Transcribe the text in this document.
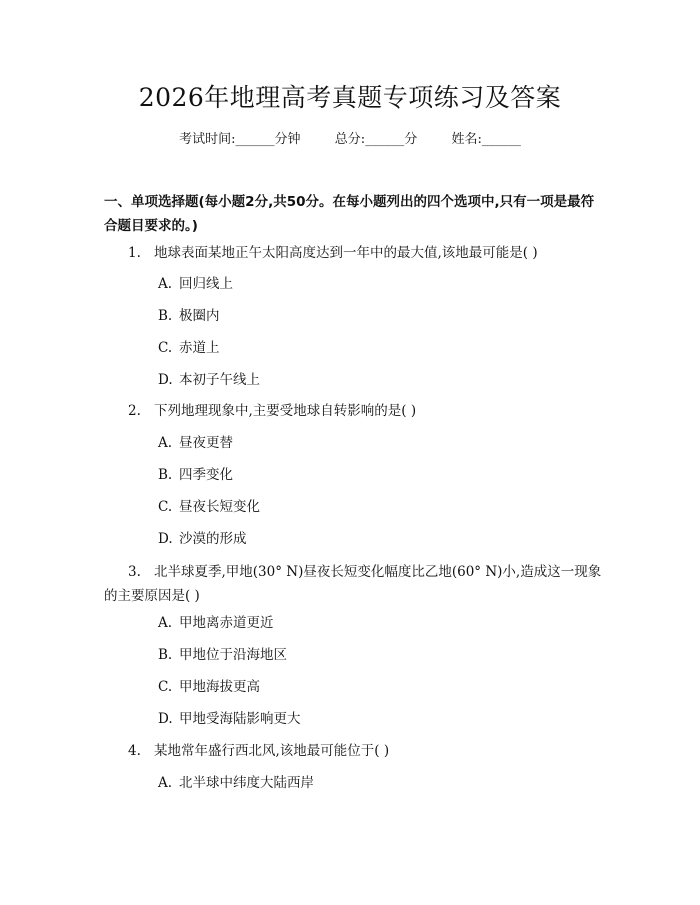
2026年地理高考真题专项练习及答案
考试时间:______分钟	总分:______分	姓名:______
一、单项选择题(每小题2分,共50分。在每小题列出的四个选项中,只有一项是最符合题目要求的。)
1. 地球表面某地正午太阳高度达到一年中的最大值,该地最可能是( )
A. 回归线上
B. 极圈内
C. 赤道上
D. 本初子午线上
2. 下列地理现象中,主要受地球自转影响的是( )
A. 昼夜更替
B. 四季变化
C. 昼夜长短变化
D. 沙漠的形成
3. 北半球夏季,甲地(30° N)昼夜长短变化幅度比乙地(60° N)小,造成这一现象的主要原因是( )
A. 甲地离赤道更近
B. 甲地位于沿海地区
C. 甲地海拔更高
D. 甲地受海陆影响更大
4. 某地常年盛行西北风,该地最可能位于( )
A. 北半球中纬度大陆西岸
